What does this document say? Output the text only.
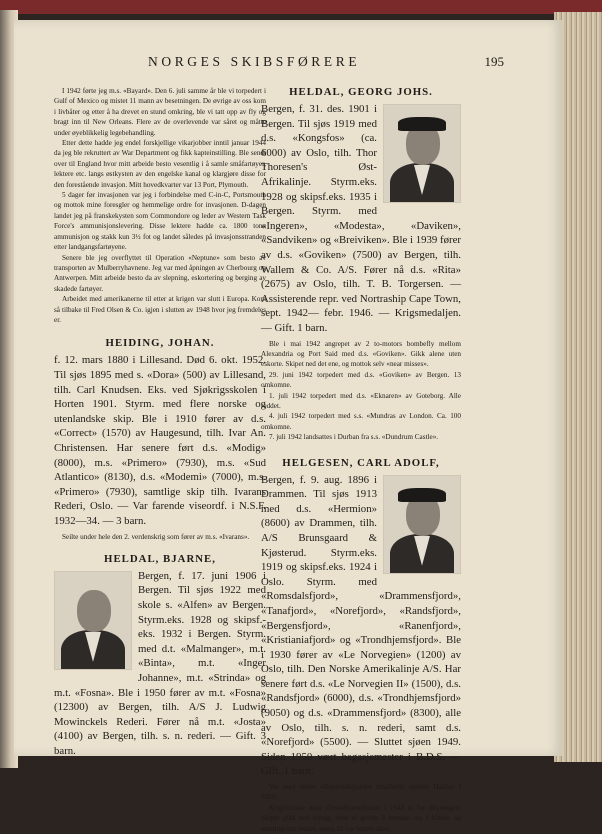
NORGES SKIBSFØRERE	195

I 1942 førte jeg m.s. «Bayard». Den 6. juli samme år ble vi torpedert i Gulf of Mexico og mistet 11 mann av besetningen. De øvrige av oss kom i livbåter og etter å ha drevet en stund omkring, ble vi tatt opp av fly og bragt inn til New Orleans. Flere av de overlevende var såret og måtte under øyeblikkelig legebehandling.

Etter dette hadde jeg endel forskjellige vikarjobber inntil januar 1944 da jeg ble rekruttert av War Department og fikk kapteinstilling. Ble sendt over til England hvor mitt arbeide besto vesentlig i å samle småfartøyer, lektere etc. langs østkysten av den engelske kanal og klargjøre disse for den forestående invasjon. Mitt hovedkvarter var 13 Port, Plymouth.

5 dager før invasjonen var jeg i forbindelse med C-in-C, Portsmouth og mottok mine foresgler og hemmelige ordre for invasjonen. D-dagen landet jeg på franskekysten som Commondore og leder av Western Task Force's ammunisjonslevering. Disse lektere hadde ca. 1800 tonn ammunisjon og stakk kun 3½ fot og landet således på invasjonsstranden etter landgangsfartøyene.

Senere ble jeg overflyttet til Operation «Neptune» som besto av transporten av Mulberryhavnene. Jeg var med åpningen av Cherbourg og Antwerpen. Mitt arbeide besto da av slepning, eskortering og berging av skadede fartøyer.

Arbeidet med amerikanerne til etter at krigen var slutt i Europa. Kom så tilbake til Fred Olsen & Co. igjen i slutten av 1948 hvor jeg fremdeles er.

HEIDING, JOHAN.

f. 12. mars 1880 i Lillesand. Død 6. okt. 1952. Til sjøs 1895 med s. «Dora» (500) av Lillesand, tilh. Carl Knudsen. Eks. ved Sjøkrigsskolen i Horten 1901. Styrm. med flere norske og utenlandske skip. Ble i 1910 fører av d.s. «Correct» (1570) av Haugesund, tilh. Ivar An. Christensen. Har senere ført d.s. «Modig» (8000), m.s. «Primero» (7930), m.s. «Sud Atlantico» (8130), d.s. «Modemi» (7000), m.s. «Primero» (7930), samtlige skip tilh. Ivarans Rederi, Oslo. — Var farende viseordf. i N.S.F. 1932—34. — 3 barn.

Seilte under hele den 2. verdenskrig som fører av m.s. «Ivarans».

HELDAL, BJARNE,

Bergen, f. 17. juni 1906 i Bergen. Til sjøs 1922 med skole s. «Alfen» av Bergen. Styrm.eks. 1928 og skipsf.-eks. 1932 i Bergen. Styrm. med d.t. «Malmanger», m.t. «Binta», m.t. «Inger Johanne», m.t. «Strinda» og m.t. «Fosna». Ble i 1950 fører av m.t. «Fosna» (12300) av Bergen, tilh. A/S J. Ludwig Mowinckels Rederi. Fører nå m.t. «Josta» (4100) av Bergen, tilh. s. n. rederi. — Gift. 3 barn.

HELDAL, GEORG JOHS.

Bergen, f. 31. des. 1901 i Bergen. Til sjøs 1919 med d.s. «Kongsfos» (ca. 6000) av Oslo, tilh. Thor Thoresen's Øst-Afrikalinje. Styrm.eks. 1928 og skipsf.eks. 1935 i Bergen. Styrm. med «Ingeren», «Modesta», «Daviken», «Sandviken» og «Breiviken». Ble i 1939 fører av d.s. «Goviken» (7500) av Bergen, tilh. Wallem & Co. A/S. Fører nå d.s. «Rita» (2675) av Oslo, tilh. T. B. Torgersen. — Assisterende repr. ved Nortraship Cape Town, sept. 1942— febr. 1946. — Krigsmedaljen. — Gift. 1 barn.

Ble i mai 1942 angrepet av 2 to-motors bombefly mellom Alexandria og Port Said med d.s. «Goviken». Gikk alene uten eskorte. Skipet ned det ene, og mottok selv «near misses».

29. juni 1942 torpedert med d.s. «Goviken» av Bergen. 13 omkomne.

1. juli 1942 torpedert med d.s. «Eknaren» av Goteborg. Alle reddet.

4. juli 1942 torpedert med s.s. «Mundras av London. Ca. 100 omkomne.

7. juli 1942 landsattes i Durban fra s.s. «Dundrum Castle».

HELGESEN, CARL ADOLF,

Bergen, f. 9. aug. 1896 i Drammen. Til sjøs 1913 med d.s. «Hermion» (8600) av Drammen, tilh. A/S Brunsgaard & Kjøsterud. Styrm.eks. 1919 og skipsf.eks. 1924 i Oslo. Styrm. med «Romsdalsfjord», «Drammensfjord», «Tanafjord», «Norefjord», «Randsfjord», «Bergensfjord», «Ranenfjord», «Kristianiafjord» og «Trondhjemsfjord». Ble i 1930 fører av «Le Norvegien» (1200) av Oslo, tilh. Den Norske Amerikalinje A/S. Har senere ført d.s. «Le Norvegien II» (1500), d.s. «Randsfjord» (6000), d.s. «Trondhjemsfjord» (9050) og d.s. «Drammensfjord» (8300), alle av Oslo, tilh. s. n. rederi, samt d.s. «Norefjord» (5500). — Sluttet sjøen 1949. Siden 1950 vært bagasjemester i B.D.S. — Gift. 1 barn.

Var med under «Romsdalsfjord»s totalforlis utenfor Halifax i 1920.

Krigsforliste med «Trondhjemsfjord» i 1942 ut for Bryningen. Skipet gikk ned hurtig, men vi greide å komme oss i båtene og samtlige ble reddet, mens 10 var lettere såret.
